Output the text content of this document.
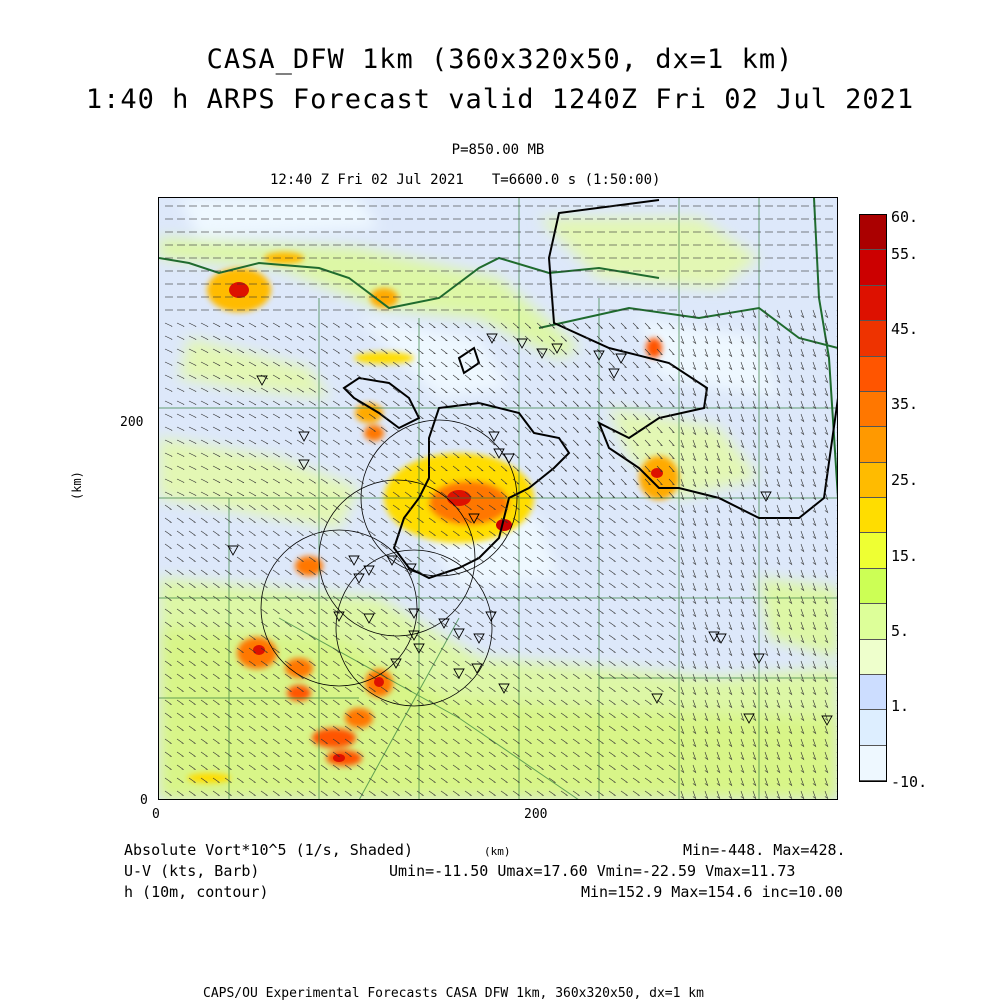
CASA_DFW 1km (360x320x50, dx=1 km)
1:40 h ARPS Forecast valid 1240Z Fri 02 Jul 2021
P=850.00 MB
12:40 Z Fri 02 Jul 2021 T=6600.0 s (1:50:00)
200
0
0	200
(km)
60.
55.
45.
35.
25.
15.
5.
1.
-10.
Absolute Vort*10^5 (1/s, Shaded)
U-V (kts, Barb)
h (10m, contour)
(km)	Min=-448. Max=428.
Umin=-11.50 Umax=17.60 Vmin=-22.59 Vmax=11.73
Min=152.9 Max=154.6 inc=10.00
CAPS/OU Experimental Forecasts CASA DFW 1km, 360x320x50, dx=1 km
